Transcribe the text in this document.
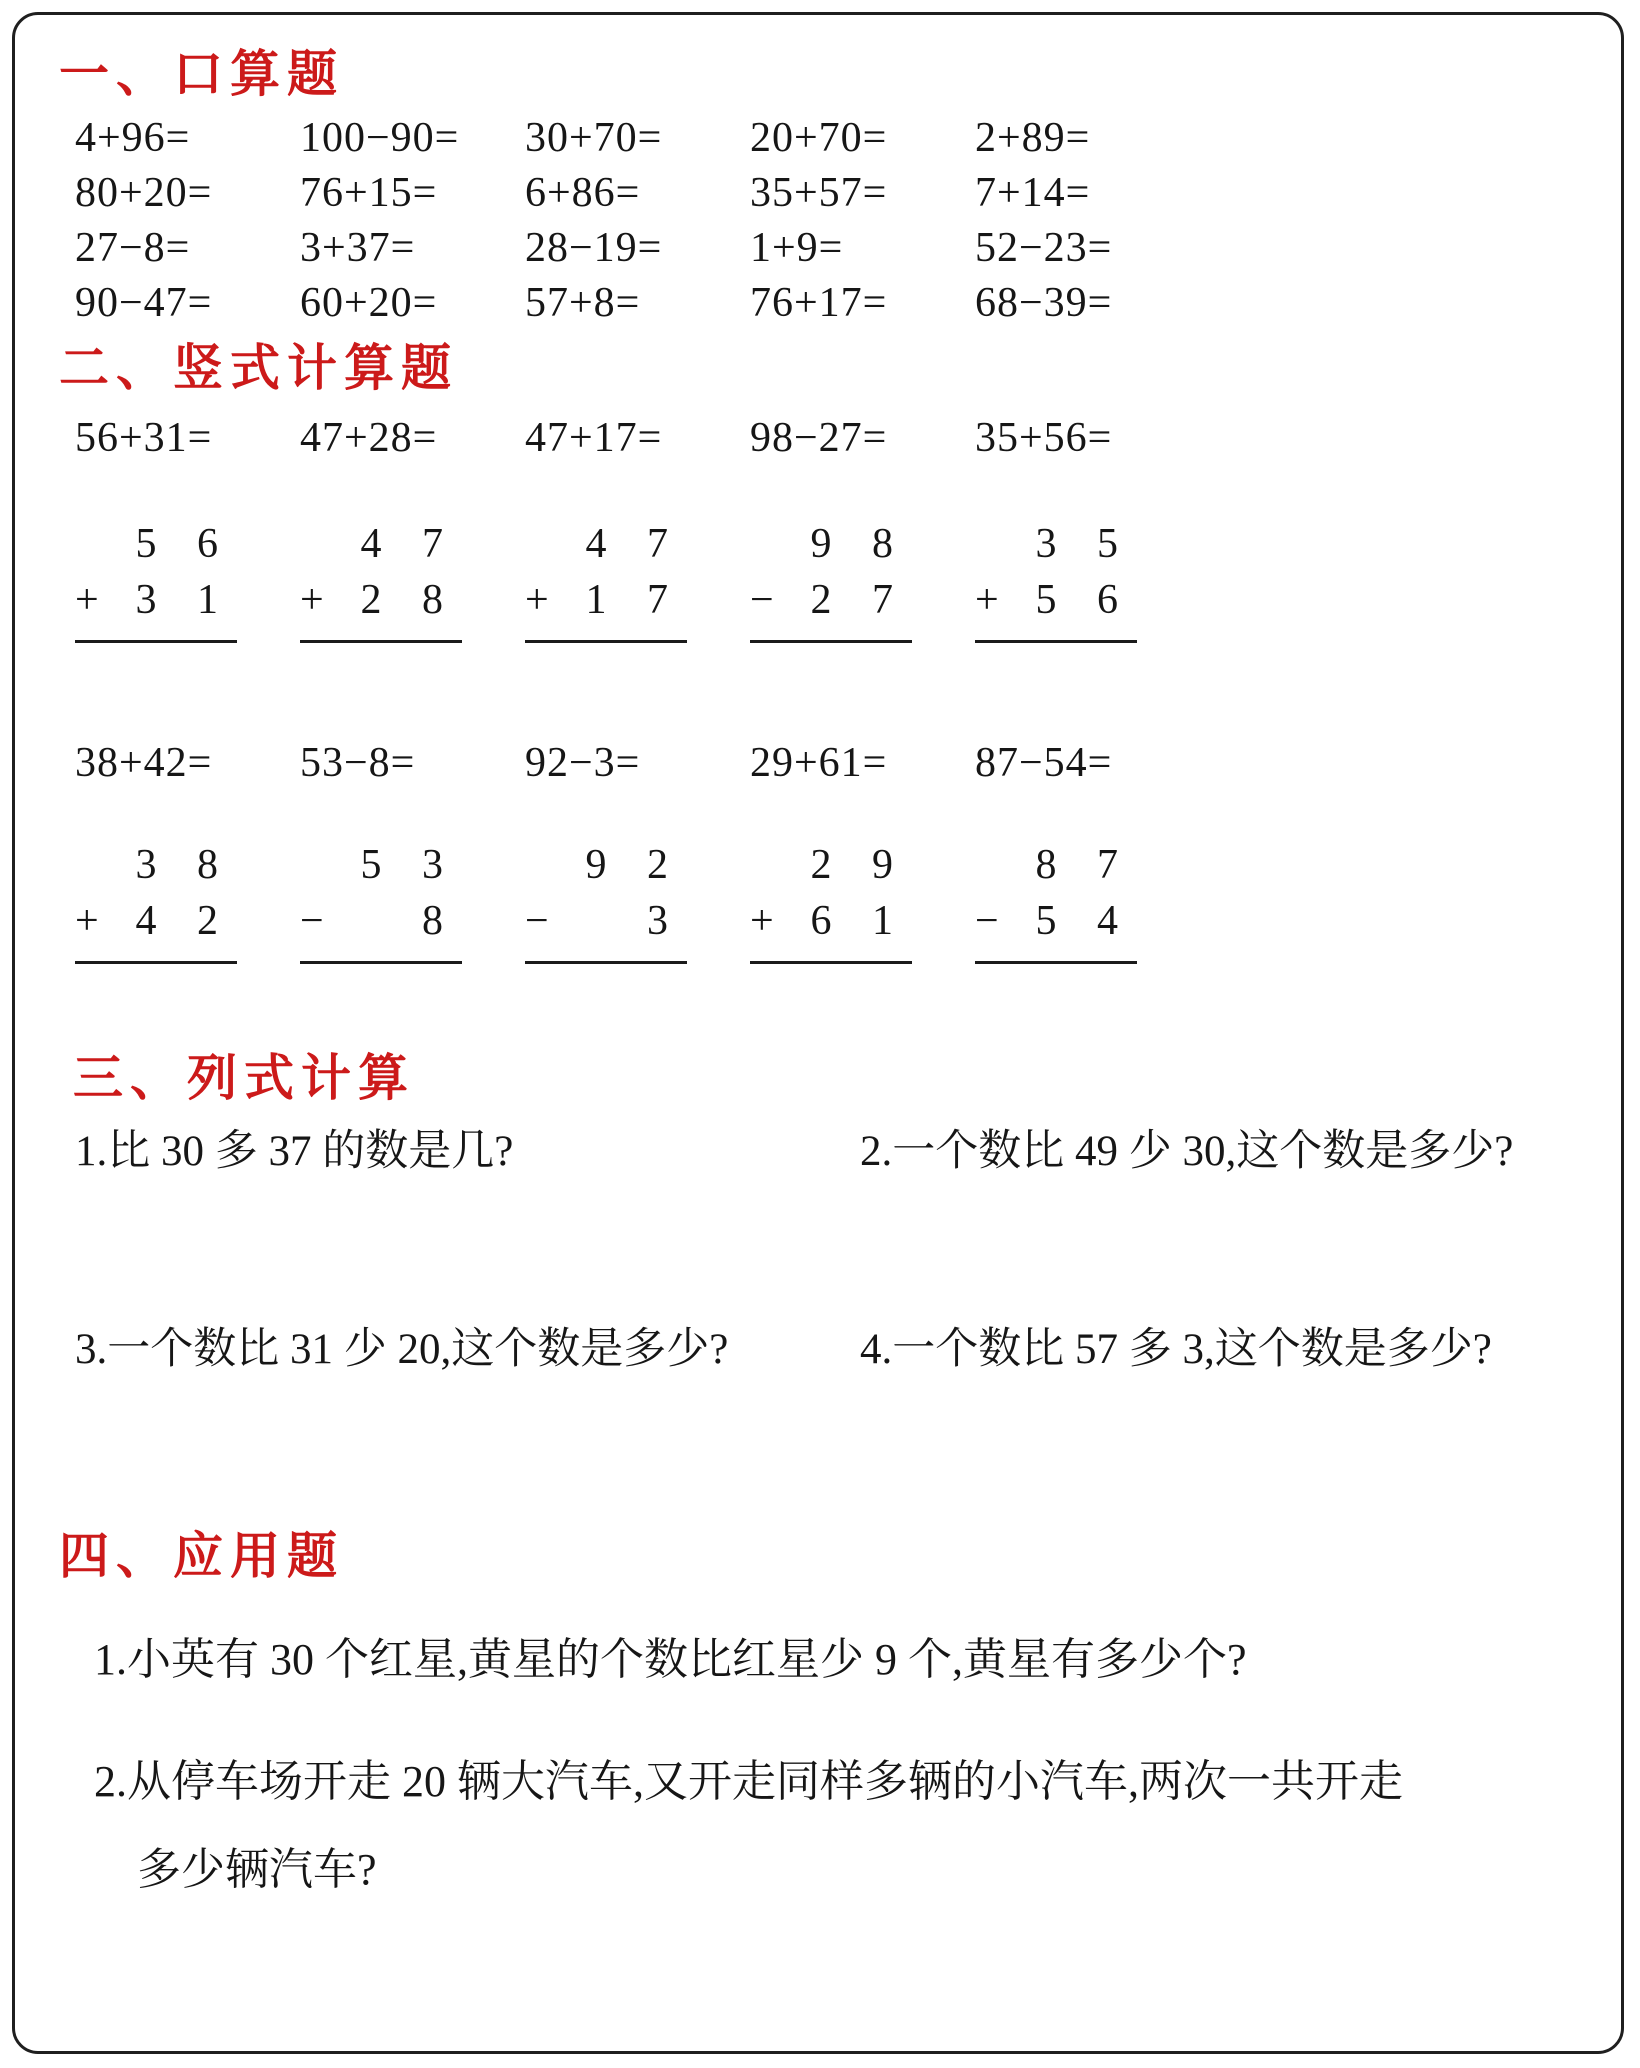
一、口算题
4+96=	100−90=	30+70=	20+70=	2+89=
80+20=	76+15=	6+86=	35+57=	7+14=
27−8=	3+37=	28−19=	1+9=	52−23=
90−47=	60+20=	57+8=	76+17=	68−39=
二、竖式计算题
56+31=	47+28=	47+17=	98−27=	35+56=
5 6
+ 3 1
4 7
+ 2 8
4 7
+ 1 7
9 8
− 2 7
3 5
+ 5 6
38+42=	53−8=	92−3=	29+61=	87−54=
3 8
+ 4 2
5 3
− 8
9 2
− 3
2 9
+ 6 1
8 7
− 5 4
三、列式计算
1.比 30 多 37 的数是几?	2.一个数比 49 少 30,这个数是多少?
3.一个数比 31 少 20,这个数是多少?	4.一个数比 57 多 3,这个数是多少?
四、应用题

1.小英有 30 个红星,黄星的个数比红星少 9 个,黄星有多少个?

2.从停车场开走 20 辆大汽车,又开走同样多辆的小汽车,两次一共开走

多少辆汽车?
